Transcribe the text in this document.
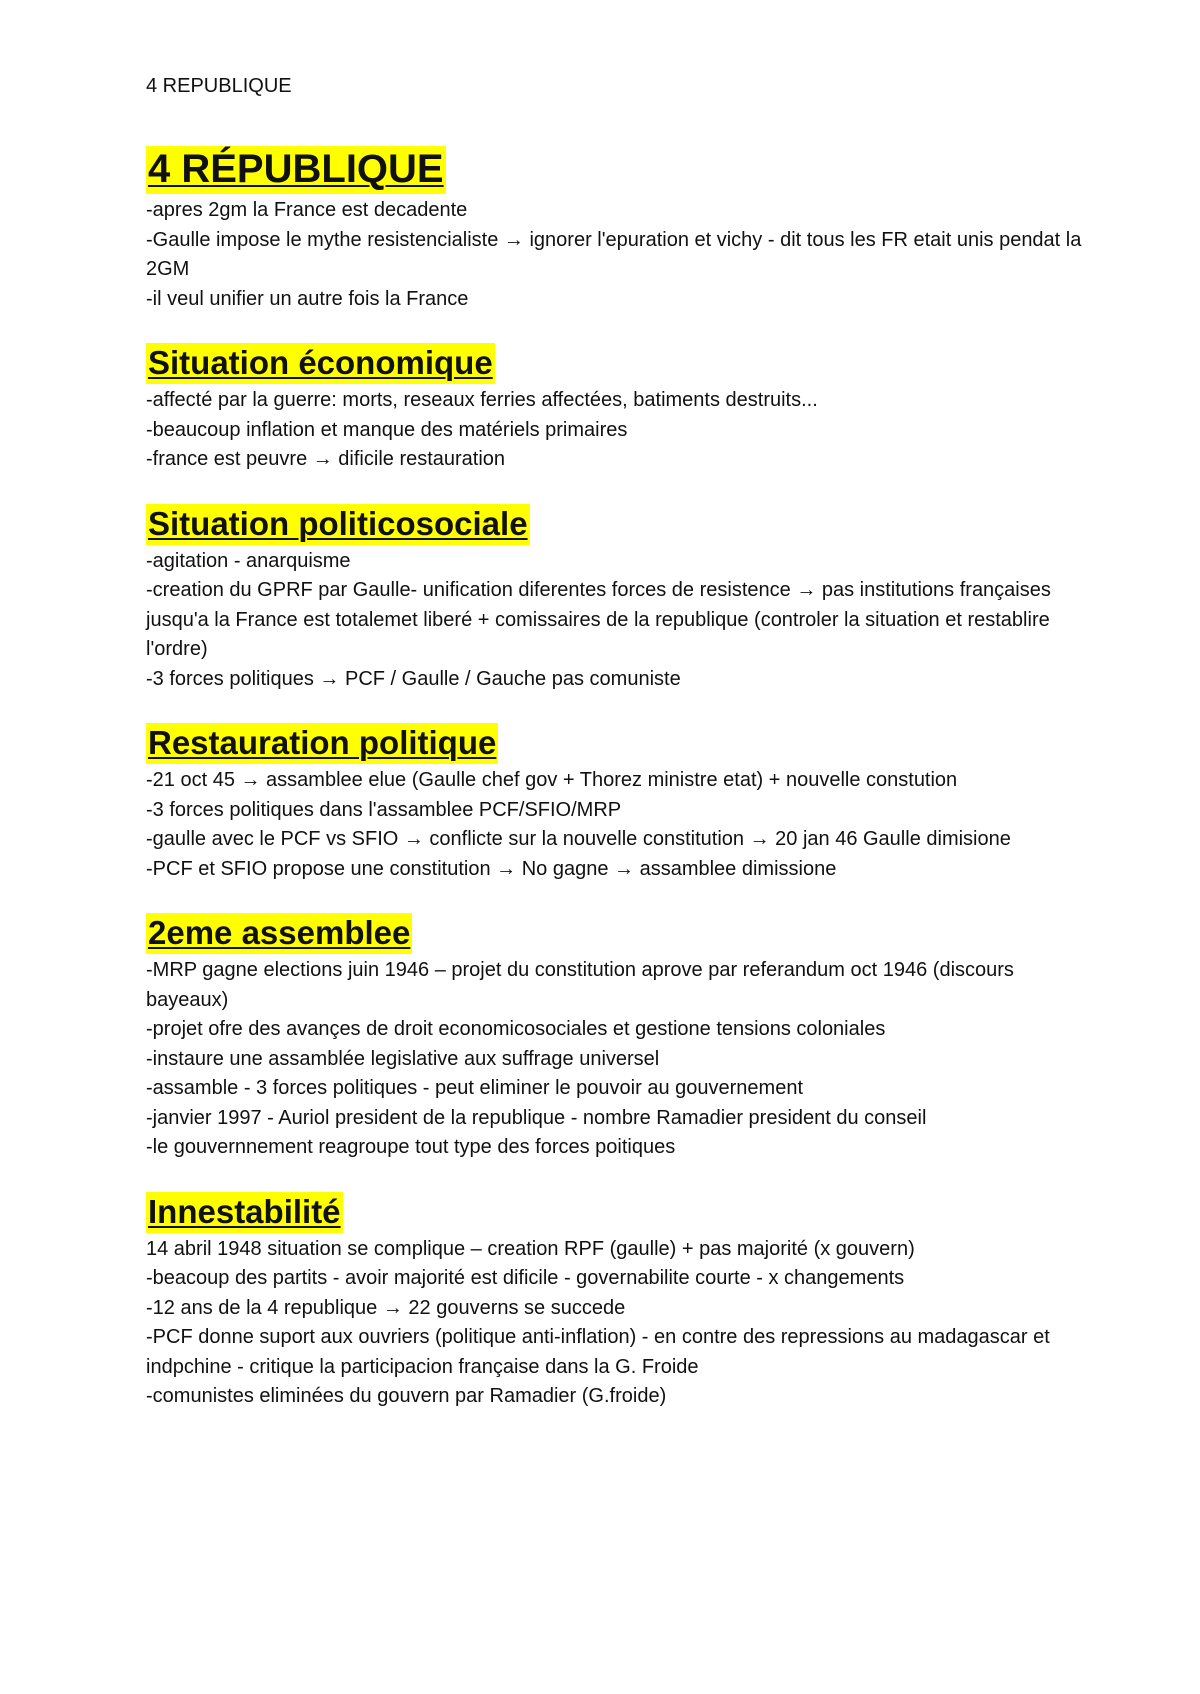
4 REPUBLIQUE
4 RÉPUBLIQUE
-apres 2gm la France est decadente
-Gaulle impose le mythe resistencialiste → ignorer l'epuration et vichy - dit tous les FR etait unis pendat la 2GM
-il veul unifier un autre fois la France
Situation économique
-affecté par la guerre: morts, reseaux ferries affectées, batiments destruits...
-beaucoup inflation et manque des matériels primaires
-france est peuvre → dificile restauration
Situation politicosociale
-agitation - anarquisme
-creation du GPRF par Gaulle- unification diferentes forces de resistence → pas institutions françaises jusqu'a la France est totalemet liberé + comissaires de la republique (controler la situation et restablire l'ordre)
-3 forces politiques → PCF / Gaulle / Gauche pas comuniste
Restauration politique
-21 oct 45 → assamblee elue (Gaulle chef gov + Thorez ministre etat) + nouvelle constution
-3 forces politiques dans l'assamblee PCF/SFIO/MRP
-gaulle avec le PCF vs SFIO → conflicte sur la nouvelle constitution → 20 jan 46 Gaulle dimisione
-PCF et SFIO propose une constitution → No gagne → assamblee dimissione
2eme assemblee
-MRP gagne elections juin 1946 – projet du constitution aprove par referandum oct 1946 (discours bayeaux)
-projet ofre des avançes de droit economicosociales et gestione tensions coloniales
-instaure une assamblée legislative aux suffrage universel
-assamble - 3 forces politiques - peut eliminer le pouvoir au gouvernement
-janvier 1997 - Auriol president de la republique - nombre Ramadier president du conseil
-le gouvernnement reagroupe tout type des forces poitiques
Innestabilité
14 abril 1948 situation se complique – creation RPF (gaulle) + pas majorité (x gouvern)
-beacoup des partits - avoir majorité est dificile - governabilite courte - x changements
-12 ans de la 4 republique → 22 gouverns se succede
-PCF donne suport aux ouvriers (politique anti-inflation) - en contre des repressions au madagascar et indpchine - critique la participacion française dans la G. Froide
-comunistes eliminées du gouvern par Ramadier (G.froide)
